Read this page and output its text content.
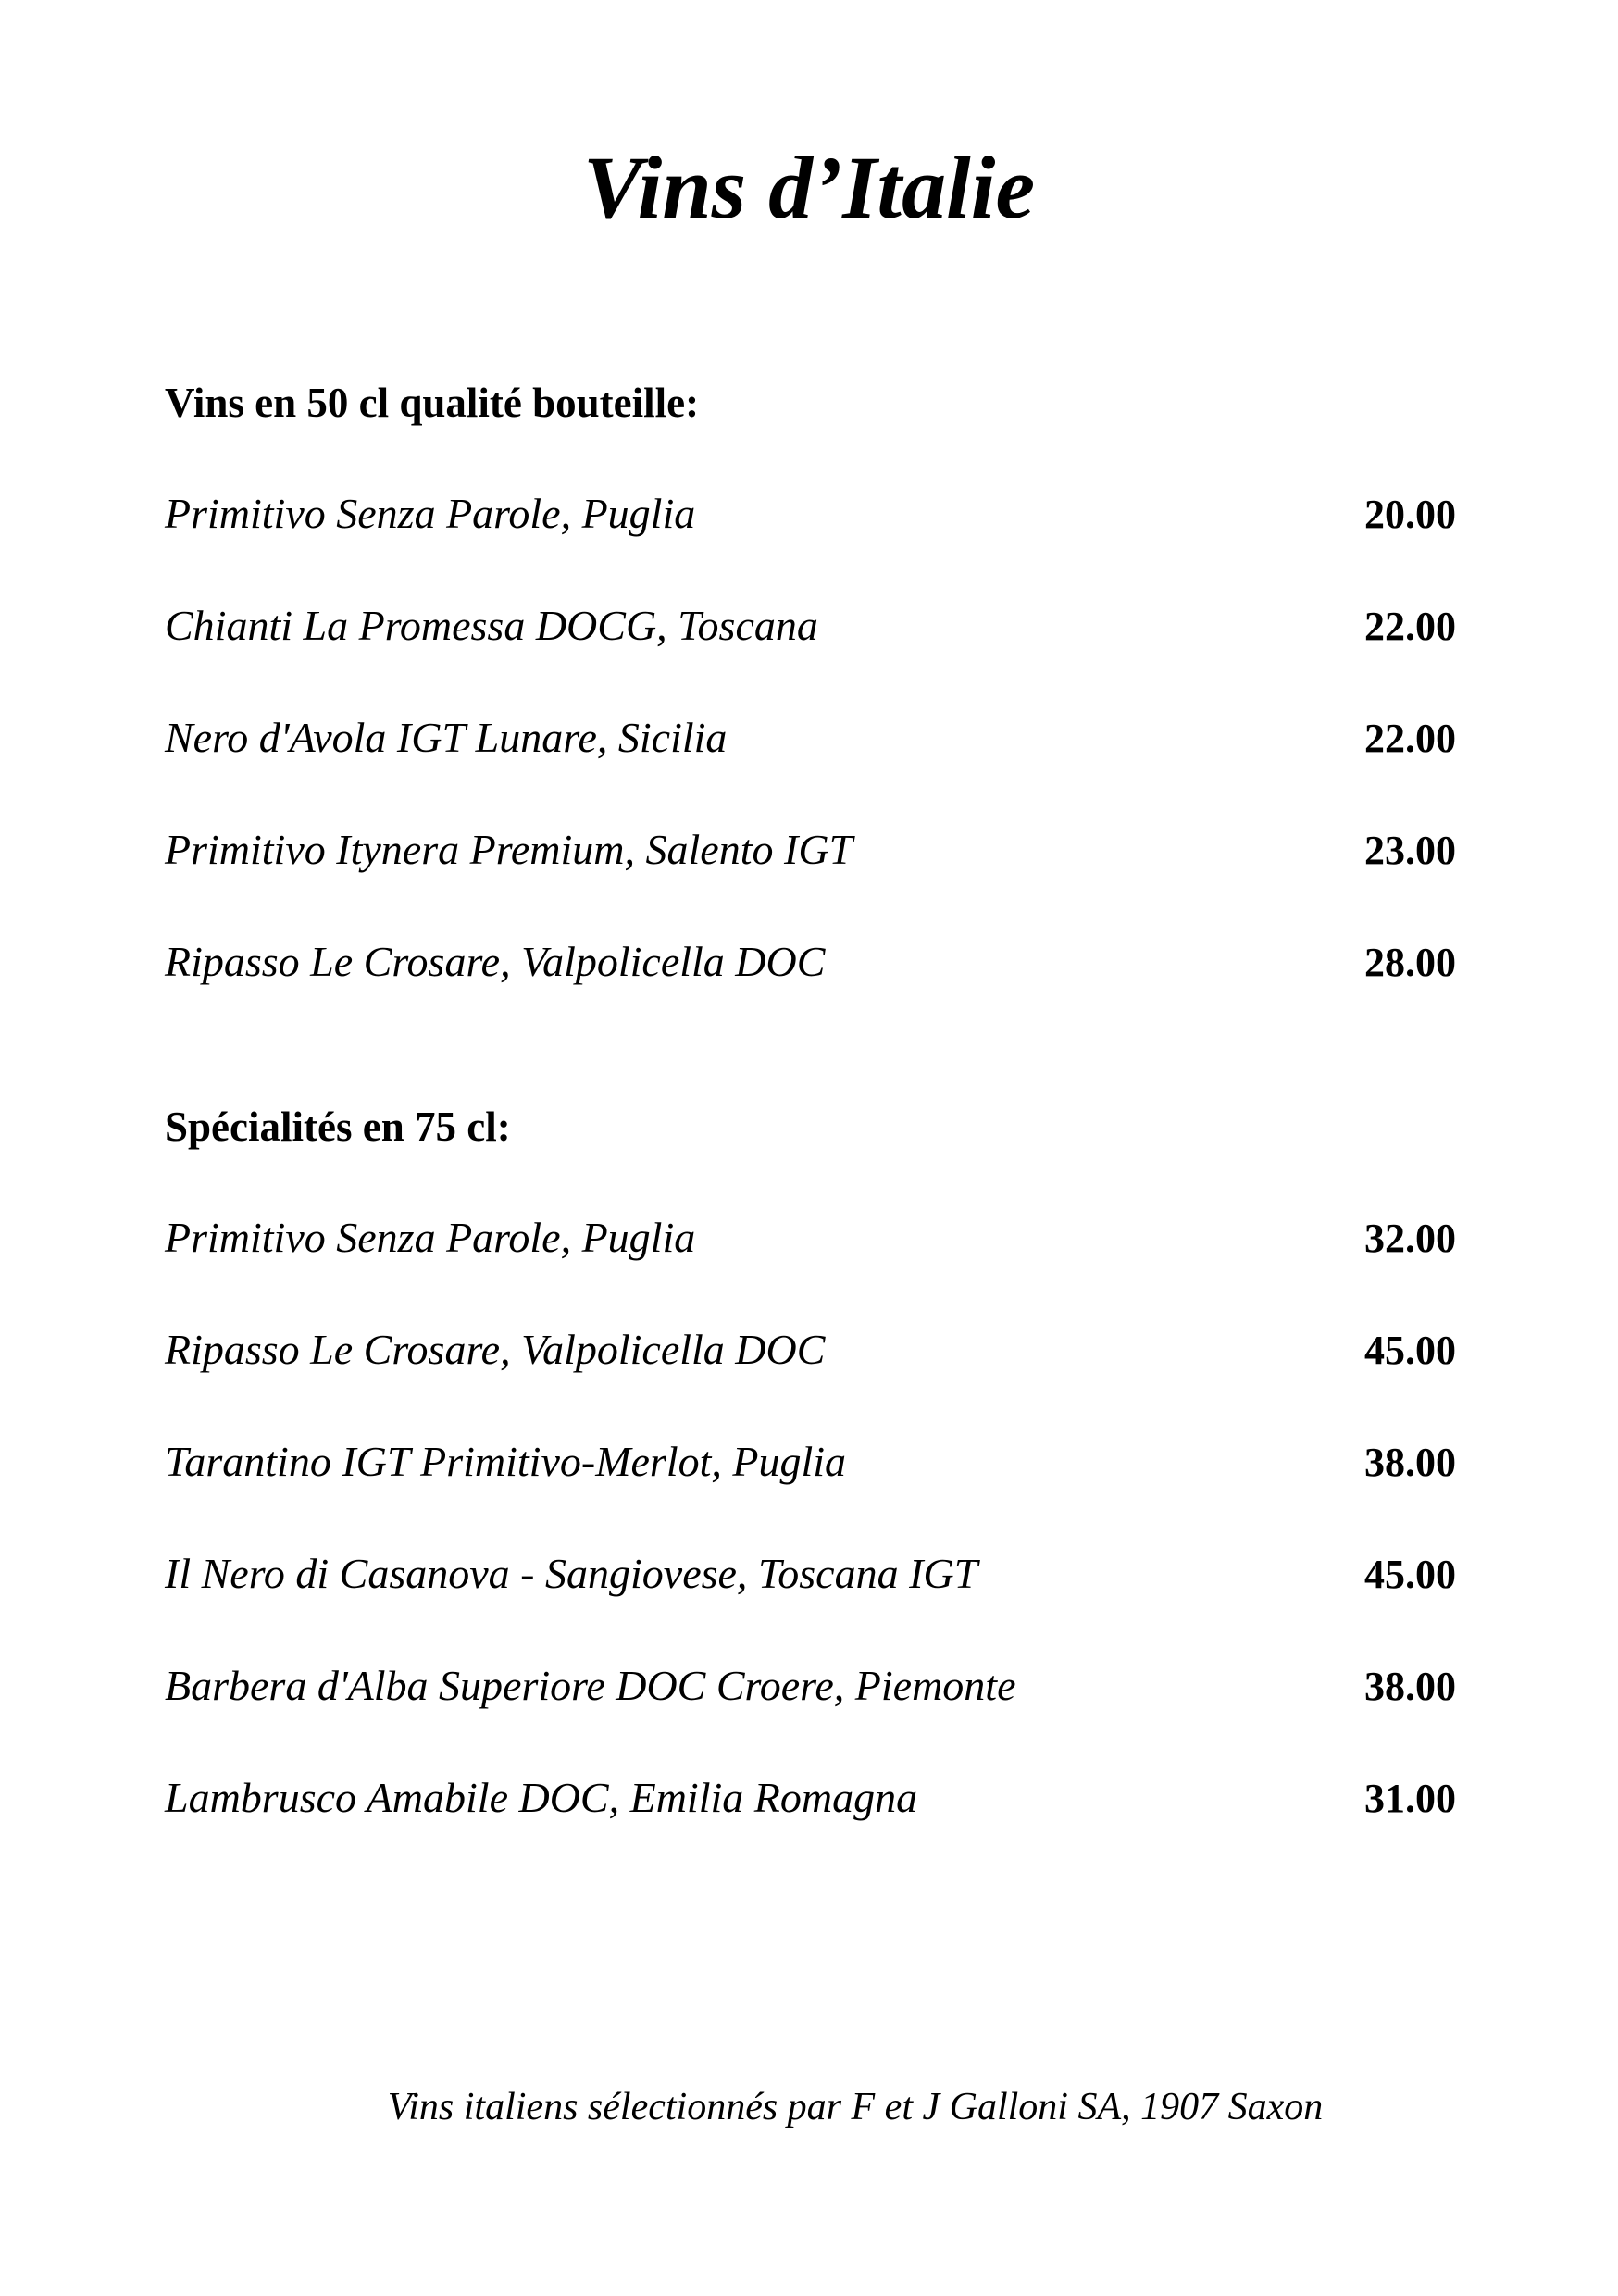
Vins d’Italie
Vins en 50 cl qualité bouteille:
Primitivo Senza Parole, Puglia	20.00
Chianti La Promessa DOCG, Toscana	22.00
Nero d'Avola IGT Lunare, Sicilia	22.00
Primitivo Itynera Premium, Salento IGT	23.00
Ripasso Le Crosare, Valpolicella DOC	28.00
Spécialités en 75 cl:
Primitivo Senza Parole, Puglia	32.00
Ripasso Le Crosare, Valpolicella DOC	45.00
Tarantino IGT Primitivo-Merlot, Puglia	38.00
Il Nero di Casanova - Sangiovese, Toscana IGT	45.00
Barbera d'Alba Superiore DOC Croere, Piemonte	38.00
Lambrusco Amabile DOC, Emilia Romagna	31.00

Vins italiens sélectionnés par F et J Galloni SA, 1907 Saxon
